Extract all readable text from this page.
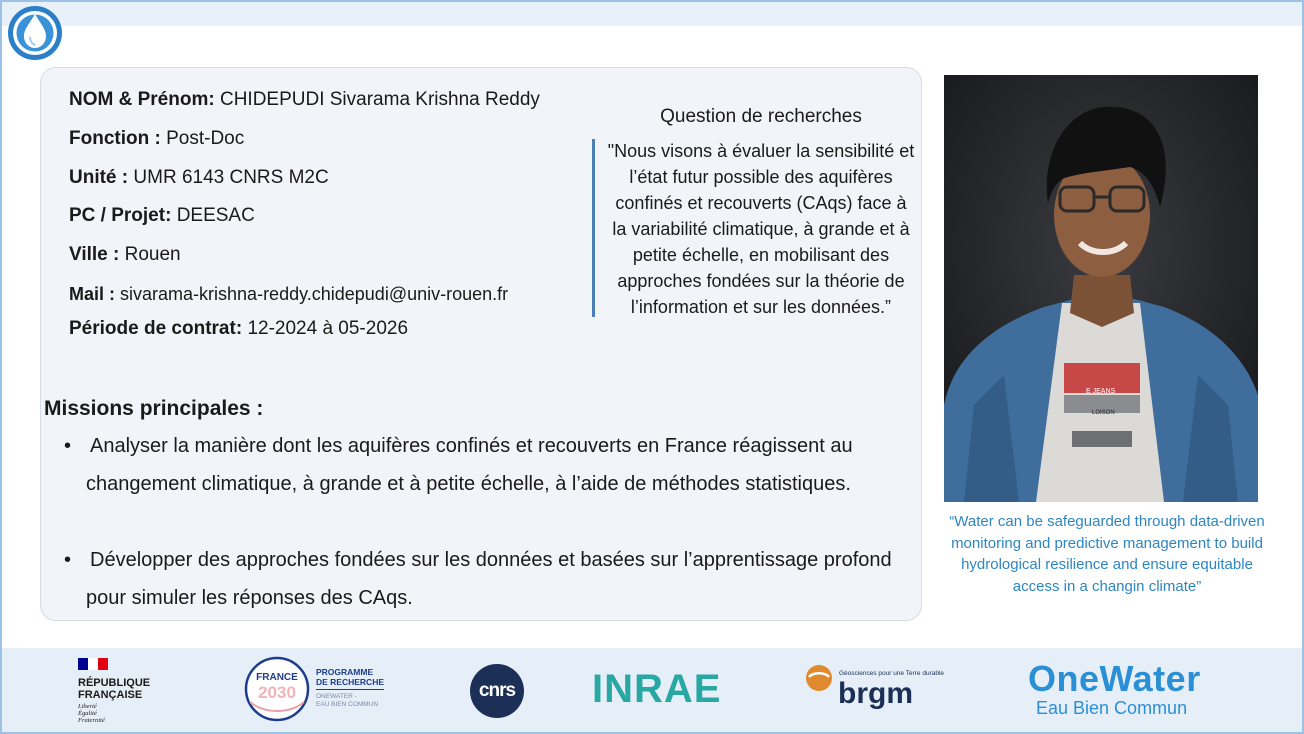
NOM & Prénom: CHIDEPUDI Sivarama Krishna Reddy
Fonction : Post-Doc
Unité : UMR 6143 CNRS M2C
PC / Projet: DEESAC
Ville : Rouen
Mail : sivarama-krishna-reddy.chidepudi@univ-rouen.fr
Période de contrat: 12-2024 à 05-2026
Question de recherches
"Nous visons à évaluer la sensibilité et l’état futur possible des aquifères confinés et recouverts (CAqs) face à la variabilité climatique, à grande et à petite échelle, en mobilisant des approches fondées sur la théorie de l’information et sur les données.”
Missions principales :
• Analyser la manière dont les aquifères confinés et recouverts en France réagissent au changement climatique, à grande et à petite échelle, à l’aide de méthodes statistiques.
• Développer des approches fondées sur les données et basées sur l’apprentissage profond pour simuler les réponses des CAqs.
E JEANS
LOISON
“Water can be safeguarded through data-driven monitoring and predictive management to build hydrological resilience and ensure equitable access in a changin climate”
RÉPUBLIQUE
FRANÇAISE
Liberté
Égalité
Fraternité
FRANCE
2030
PROGRAMME
DE RECHERCHE
ONEWATER -
EAU BIEN COMMUN
cnrs INRAE	Géosciences pour une Terre durable
brgm	OneWater
Eau Bien Commun
